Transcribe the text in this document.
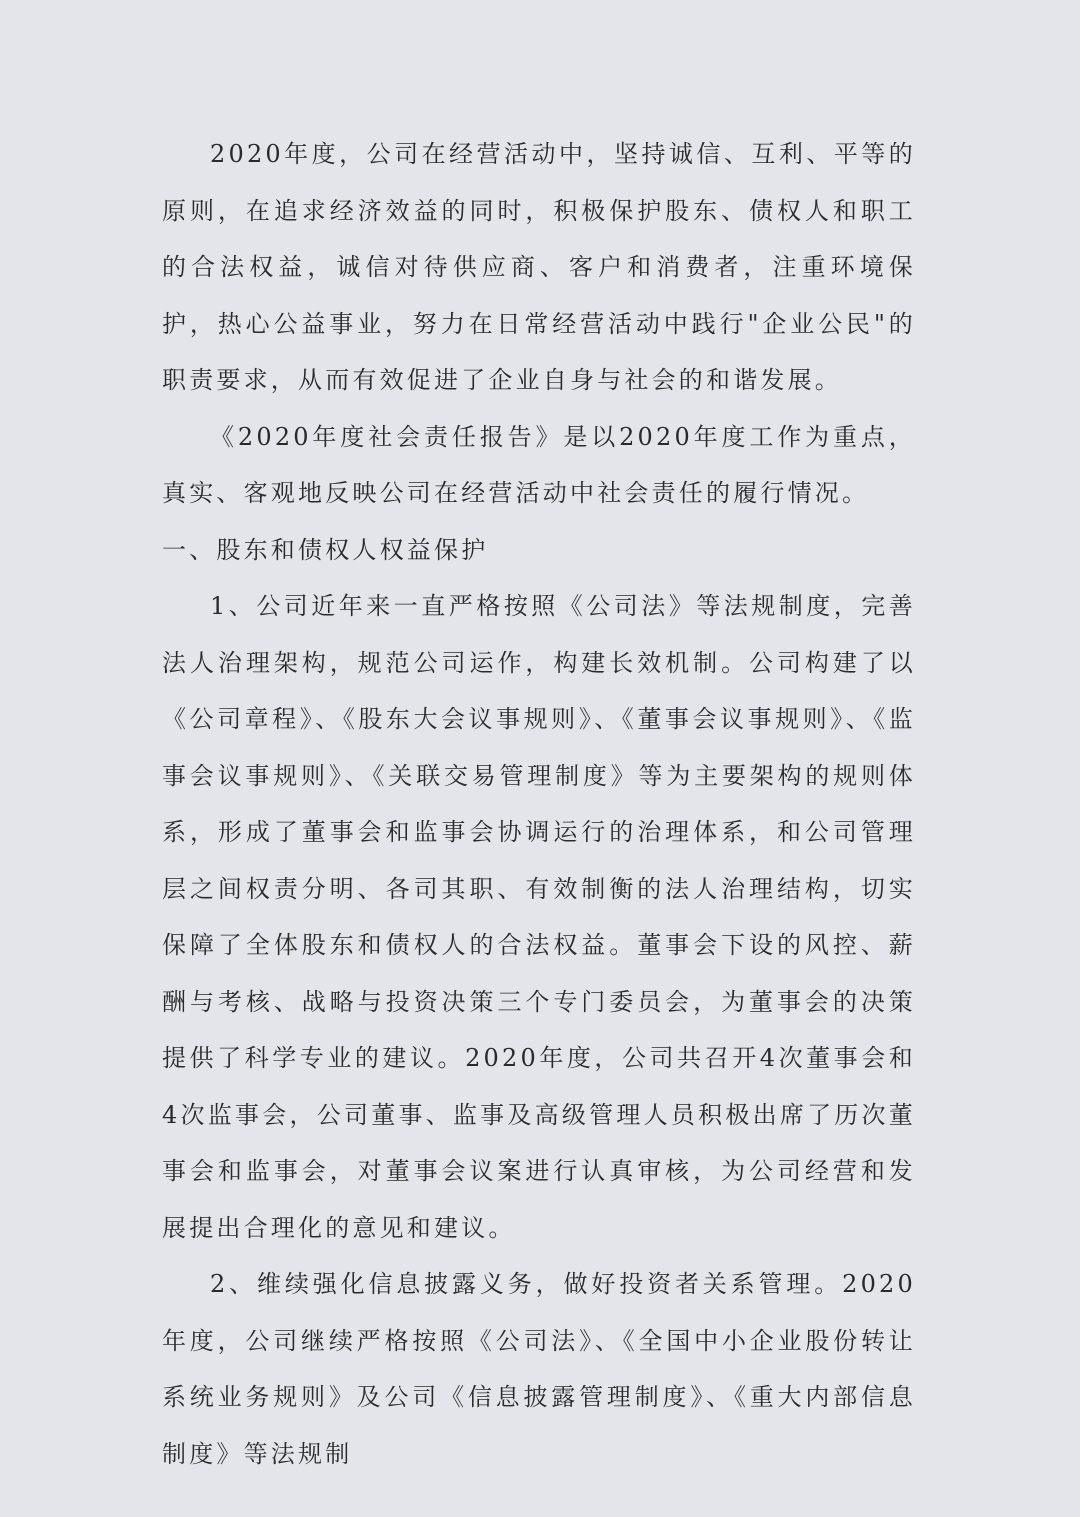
2020年度，公司在经营活动中，坚持诚信、互利、平等的原则，在追求经济效益的同时，积极保护股东、债权人和职工的合法权益，诚信对待供应商、客户和消费者，注重环境保护，热心公益事业，努力在日常经营活动中践行"企业公民"的职责要求，从而有效促进了企业自身与社会的和谐发展。

《2020年度社会责任报告》是以2020年度工作为重点，真实、客观地反映公司在经营活动中社会责任的履行情况。

一、股东和债权人权益保护

1、公司近年来一直严格按照《公司法》等法规制度，完善法人治理架构，规范公司运作，构建长效机制。公司构建了以《公司章程》、《股东大会议事规则》、《董事会议事规则》、《监事会议事规则》、《关联交易管理制度》等为主要架构的规则体系，形成了董事会和监事会协调运行的治理体系，和公司管理层之间权责分明、各司其职、有效制衡的法人治理结构，切实保障了全体股东和债权人的合法权益。董事会下设的风控、薪酬与考核、战略与投资决策三个专门委员会，为董事会的决策提供了科学专业的建议。2020年度，公司共召开4次董事会和4次监事会，公司董事、监事及高级管理人员积极出席了历次董事会和监事会，对董事会议案进行认真审核，为公司经营和发展提出合理化的意见和建议。

2、维续强化信息披露义务，做好投资者关系管理。2020年度，公司继续严格按照《公司法》、《全国中小企业股份转让系统业务规则》及公司《信息披露管理制度》、《重大内部信息制度》等法规制
